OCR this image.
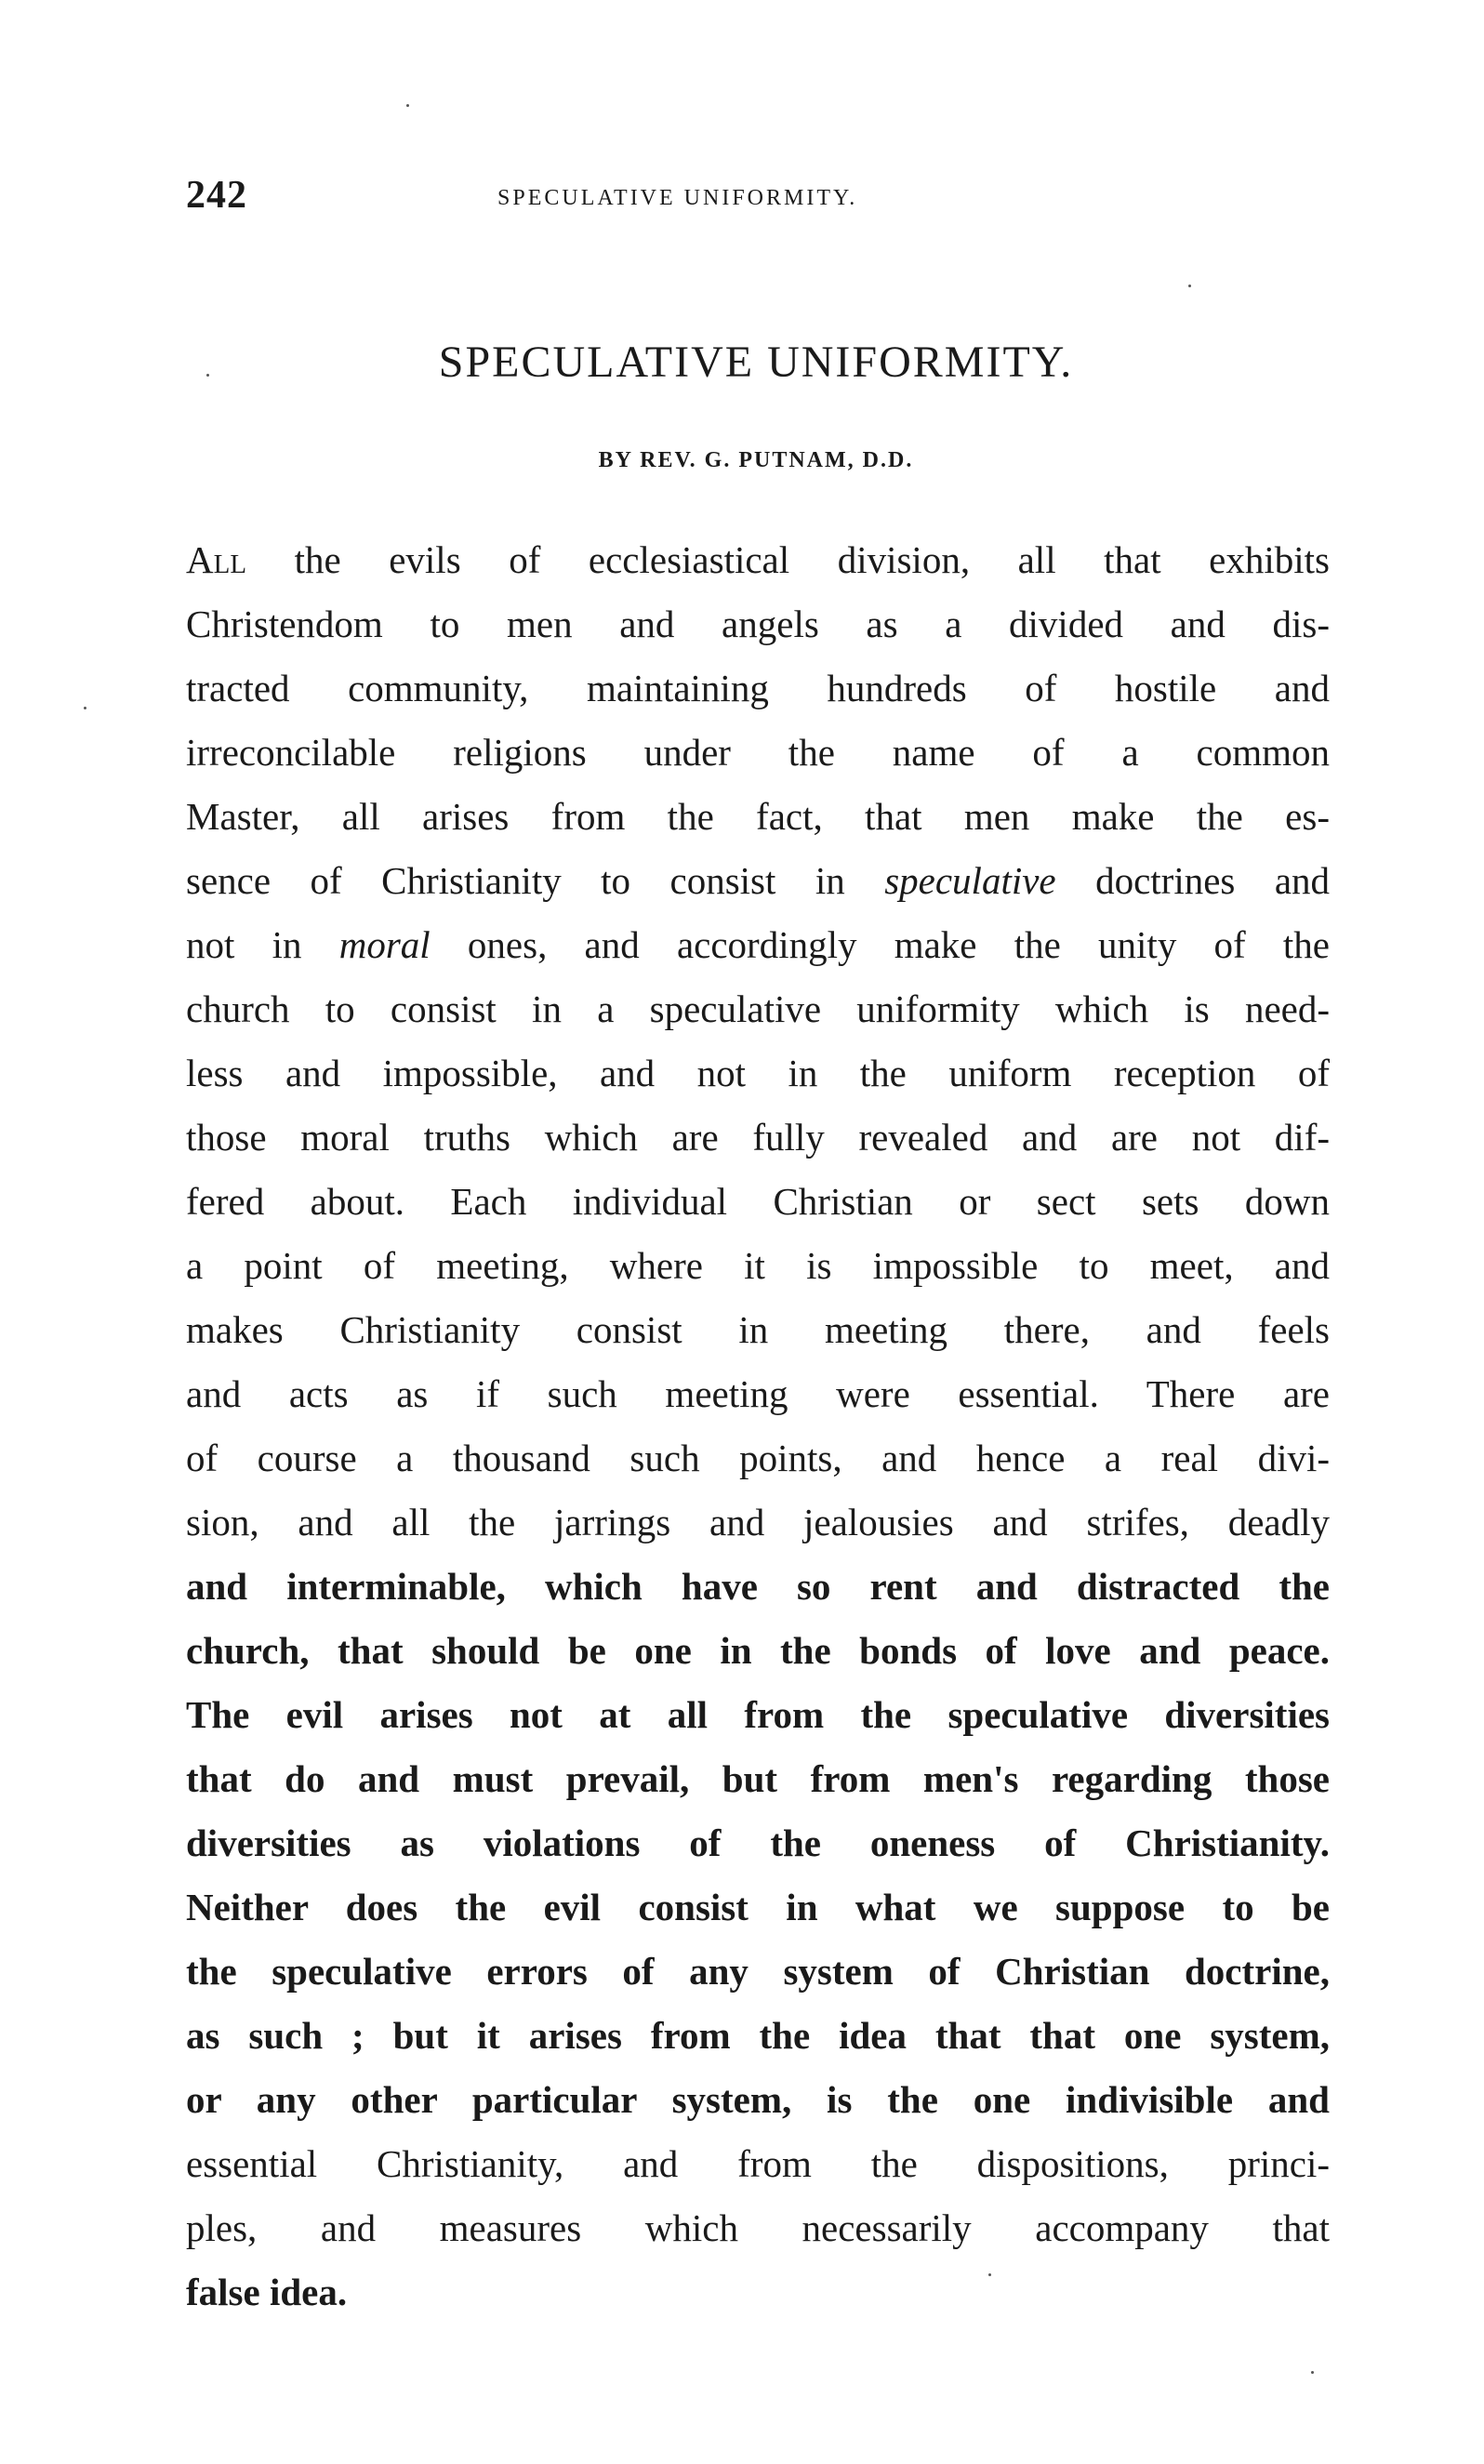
242	SPECULATIVE UNIFORMITY.
SPECULATIVE UNIFORMITY.
BY REV. G. PUTNAM, D.D.
All the evils of ecclesiastical division, all that exhibits
Christendom to men and angels as a divided and dis-
tracted community, maintaining hundreds of hostile and
irreconcilable religions under the name of a common
Master, all arises from the fact, that men make the es-
sence of Christianity to consist in speculative doctrines and
not in moral ones, and accordingly make the unity of the
church to consist in a speculative uniformity which is need-
less and impossible, and not in the uniform reception of
those moral truths which are fully revealed and are not dif-
fered about. Each individual Christian or sect sets down
a point of meeting, where it is impossible to meet, and
makes Christianity consist in meeting there, and feels
and acts as if such meeting were essential. There are
of course a thousand such points, and hence a real divi-
sion, and all the jarrings and jealousies and strifes, deadly
and interminable, which have so rent and distracted the
church, that should be one in the bonds of love and peace.
The evil arises not at all from the speculative diversities
that do and must prevail, but from men's regarding those
diversities as violations of the oneness of Christianity.
Neither does the evil consist in what we suppose to be
the speculative errors of any system of Christian doctrine,
as such ; but it arises from the idea that that one system,
or any other particular system, is the one indivisible and
essential Christianity, and from the dispositions, princi-
ples, and measures which necessarily accompany that
false idea.
